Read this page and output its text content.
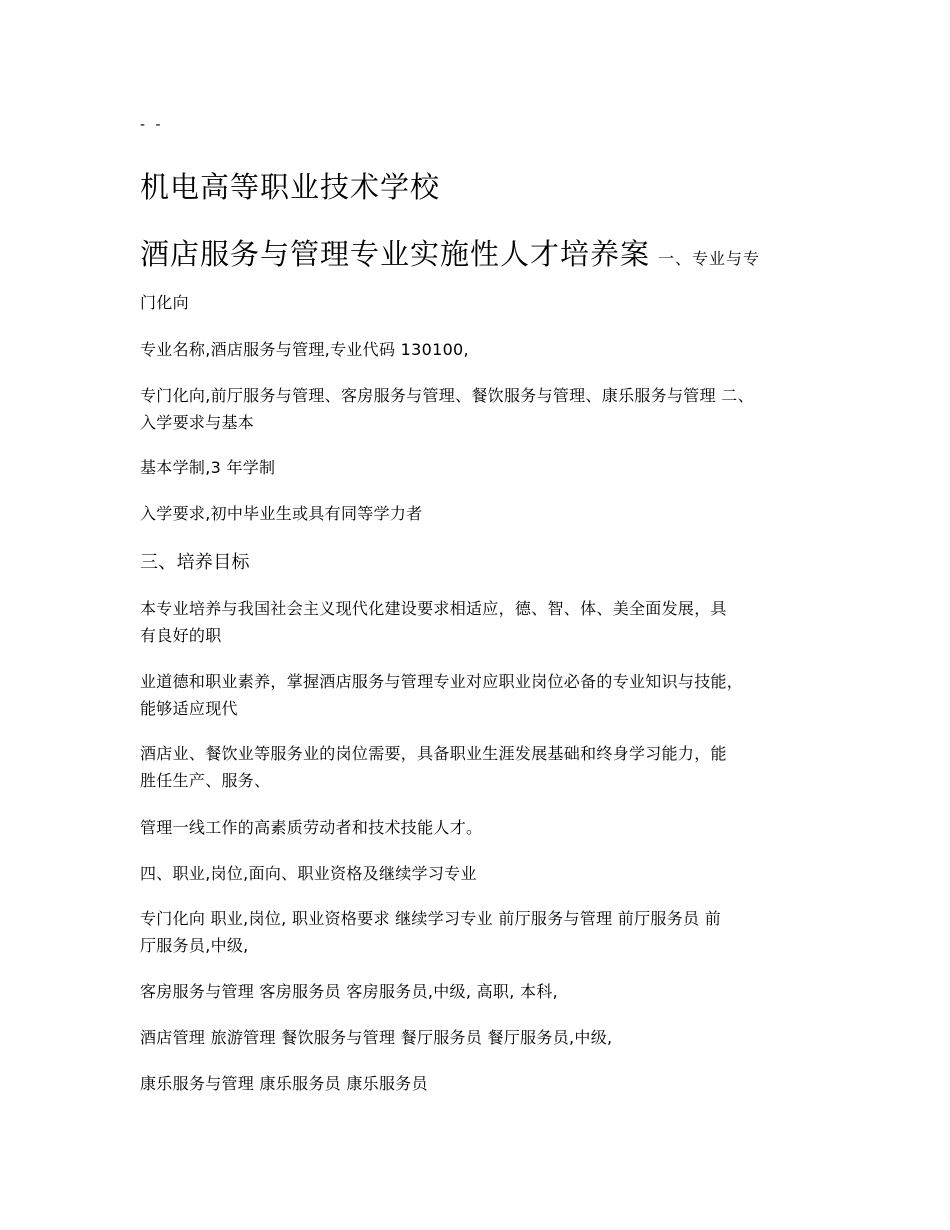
- -
机电高等职业技术学校
酒店服务与管理专业实施性人才培养案 一、专业与专
门化向
专业名称,酒店服务与管理,专业代码 130100,
专门化向,前厅服务与管理、客房服务与管理、餐饮服务与管理、康乐服务与管理 二、
入学要求与基本
基本学制,3 年学制
入学要求,初中毕业生或具有同等学力者
三、培养目标
本专业培养与我国社会主义现代化建设要求相适应，德、智、体、美全面发展，具
有良好的职
业道德和职业素养，掌握酒店服务与管理专业对应职业岗位必备的专业知识与技能，
能够适应现代
酒店业、餐饮业等服务业的岗位需要，具备职业生涯发展基础和终身学习能力，能
胜任生产、服务、
管理一线工作的高素质劳动者和技术技能人才。
四、职业,岗位,面向、职业资格及继续学习专业
专门化向 职业,岗位, 职业资格要求 继续学习专业 前厅服务与管理 前厅服务员 前
厅服务员,中级,
客房服务与管理 客房服务员 客房服务员,中级, 高职, 本科,
酒店管理 旅游管理 餐饮服务与管理 餐厅服务员 餐厅服务员,中级,
康乐服务与管理 康乐服务员 康乐服务员
